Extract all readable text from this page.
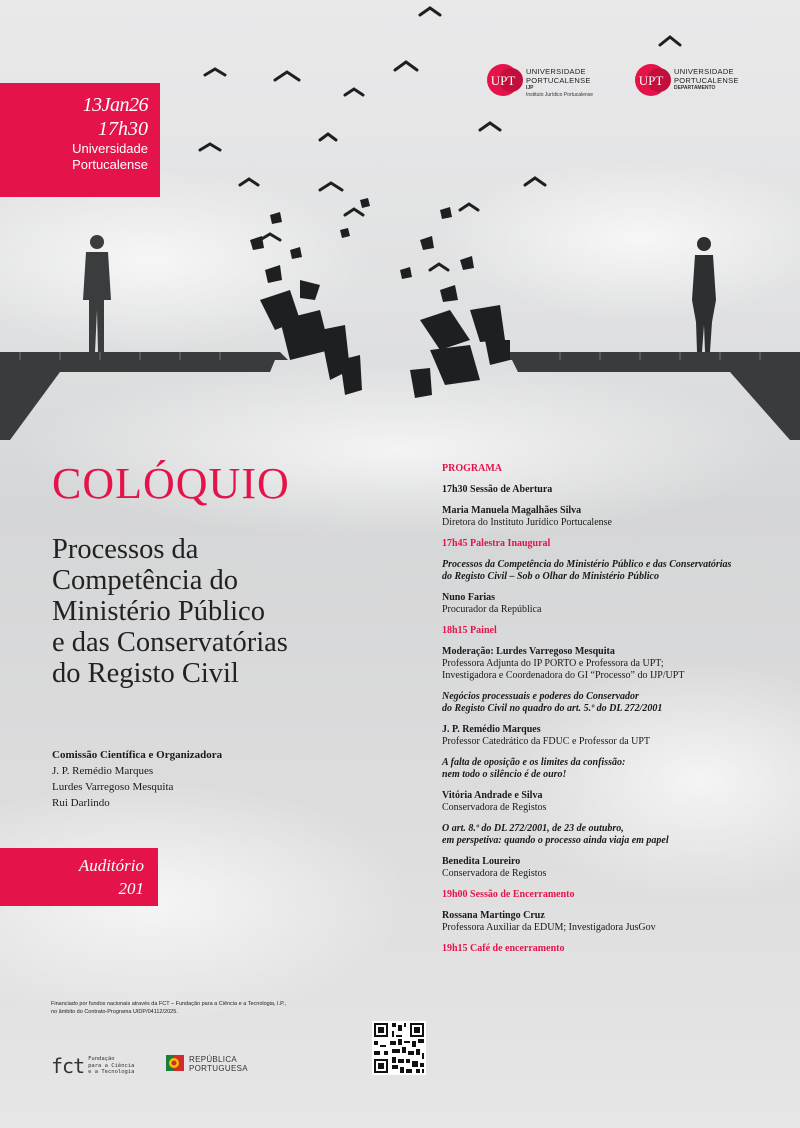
13Jan26
17h30
Universidade
Portucalense
UPT
UNIVERSIDADE
PORTUCALENSE
IJP
Instituto Jurídico Portucalense
UPT
UNIVERSIDADE
PORTUCALENSE
DEPARTAMENTO
COLÓQUIO
Processos da
Competência do
Ministério Público
e das Conservatórias
do Registo Civil
Comissão Científica e Organizadora
J. P. Remédio Marques
Lurdes Varregoso Mesquita
Rui Darlindo
Auditório
201
PROGRAMA
17h30 Sessão de Abertura
Maria Manuela Magalhães Silva
Diretora do Instituto Jurídico Portucalense
17h45 Palestra Inaugural
Processos da Competência do Ministério Público e das Conservatórias
do Registo Civil – Sob o Olhar do Ministério Público
Nuno Farias
Procurador da República
18h15 Painel
Moderação: Lurdes Varregoso Mesquita
Professora Adjunta do IP PORTO e Professora da UPT;
Investigadora e Coordenadora do GI “Processo” do IJP/UPT
Negócios processuais e poderes do Conservador
do Registo Civil no quadro do art. 5.º do DL 272/2001
J. P. Remédio Marques
Professor Catedrático da FDUC e Professor da UPT
A falta de oposição e os limites da confissão:
nem todo o silêncio é de ouro!
Vitória Andrade e Silva
Conservadora de Registos
O art. 8.º do DL 272/2001, de 23 de outubro,
em perspetiva: quando o processo ainda viaja em papel
Benedita Loureiro
Conservadora de Registos
19h00 Sessão de Encerramento
Rossana Martingo Cruz
Professora Auxiliar da EDUM; Investigadora JusGov
19h15 Café de encerramento
Financiado por fundos nacionais através da FCT – Fundação para a Ciência e a Tecnologia, I.P., no âmbito do Contrato-Programa UIDP/04112/2025.
fct Fundação
para a Ciência
e a Tecnologia
REPÚBLICA
PORTUGUESA
